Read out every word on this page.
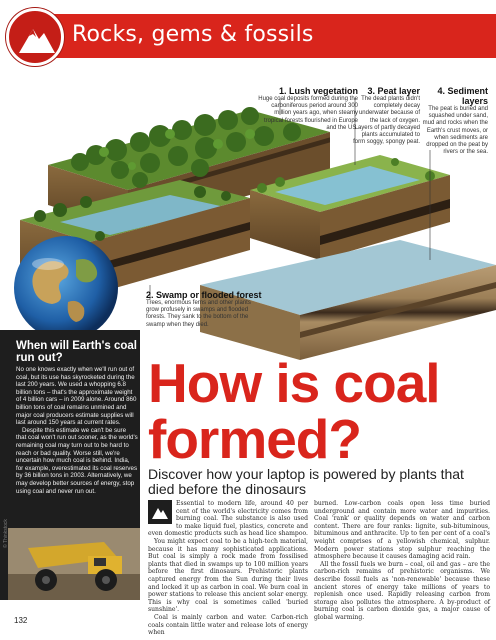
Rocks, gems & fossils
1. Lush vegetation

Huge coal deposits formed during the carboniferous period around 300 million years ago, when steamy tropical forests flourished in Europe and the US.

3. Peat layer

The dead plants didn't completely decay underwater because of the lack of oxygen. Layers of partly decayed plants accumulated to form soggy, spongy peat.

4. Sediment layers

The peat is buried and squashed under sand, mud and rocks when the Earth's crust moves, or when sediments are dropped on the peat by rivers or the sea.

2. Swamp or flooded forest

Trees, enormous ferns and other plants grow profusely in swamps and flooded forests. They sank to the bottom of the swamp when they died.

When will Earth's coal run out?

No one knows exactly when we'll run out of coal, but its use has skyrocketed during the last 200 years. We used a whopping 6.8 billion tons – that's the approximate weight of 4 billion cars – in 2009 alone. Around 860 billion tons of coal remains unmined and major coal producers estimate supplies will last around 150 years at current rates.

Despite this estimate we can't be sure that coal won't run out sooner, as the world's remaining coal may turn out to be hard to reach or bad quality. Worse still, we're uncertain how much coal is behind. India, for example, overestimated its coal reserves by 36 billion tons in 2003. Alternatively, we may develop better sources of energy, stop using coal and never run out.

© Thinkstock
How is coal formed?
Discover how your laptop is powered by plants that died before the dinosaurs

Essential to modern life, around 40 per cent of the world's electricity comes from burning coal. The substance is also used to make liquid fuel, plastics, concrete and even domestic products such as head lice shampoo.

You might expect coal to be a high-tech material, because it has many sophisticated applications. But coal is simply a rock made from fossilised plants that died in swamps up to 100 million years before the first dinosaurs. Prehistoric plants captured energy from the Sun during their lives and locked it up as carbon in coal. We burn coal in power stations to release this ancient solar energy. This is why coal is sometimes called 'buried sunshine'.

Coal is mainly carbon and water. Carbon-rich coals contain little water and release lots of energy when

burned. Low-carbon coals open less time buried underground and contain more water and impurities. Coal 'rank' or quality depends on water and carbon content. There are four ranks: lignite, sub-bituminous, bituminous and anthracite. Up to ten per cent of a coal's weight comprises of a yellowish chemical, sulphur. Modern power stations stop sulphur reaching the atmosphere because it causes damaging acid rain.

All the fossil fuels we burn – coal, oil and gas – are the carbon-rich remains of prehistoric organisms. We describe fossil fuels as 'non-renewable' because these ancient stores of energy take millions of years to replenish once used. Rapidly releasing carbon from storage also pollutes the atmosphere. A by-product of burning coal is carbon dioxide gas, a major cause of global warming.

132
